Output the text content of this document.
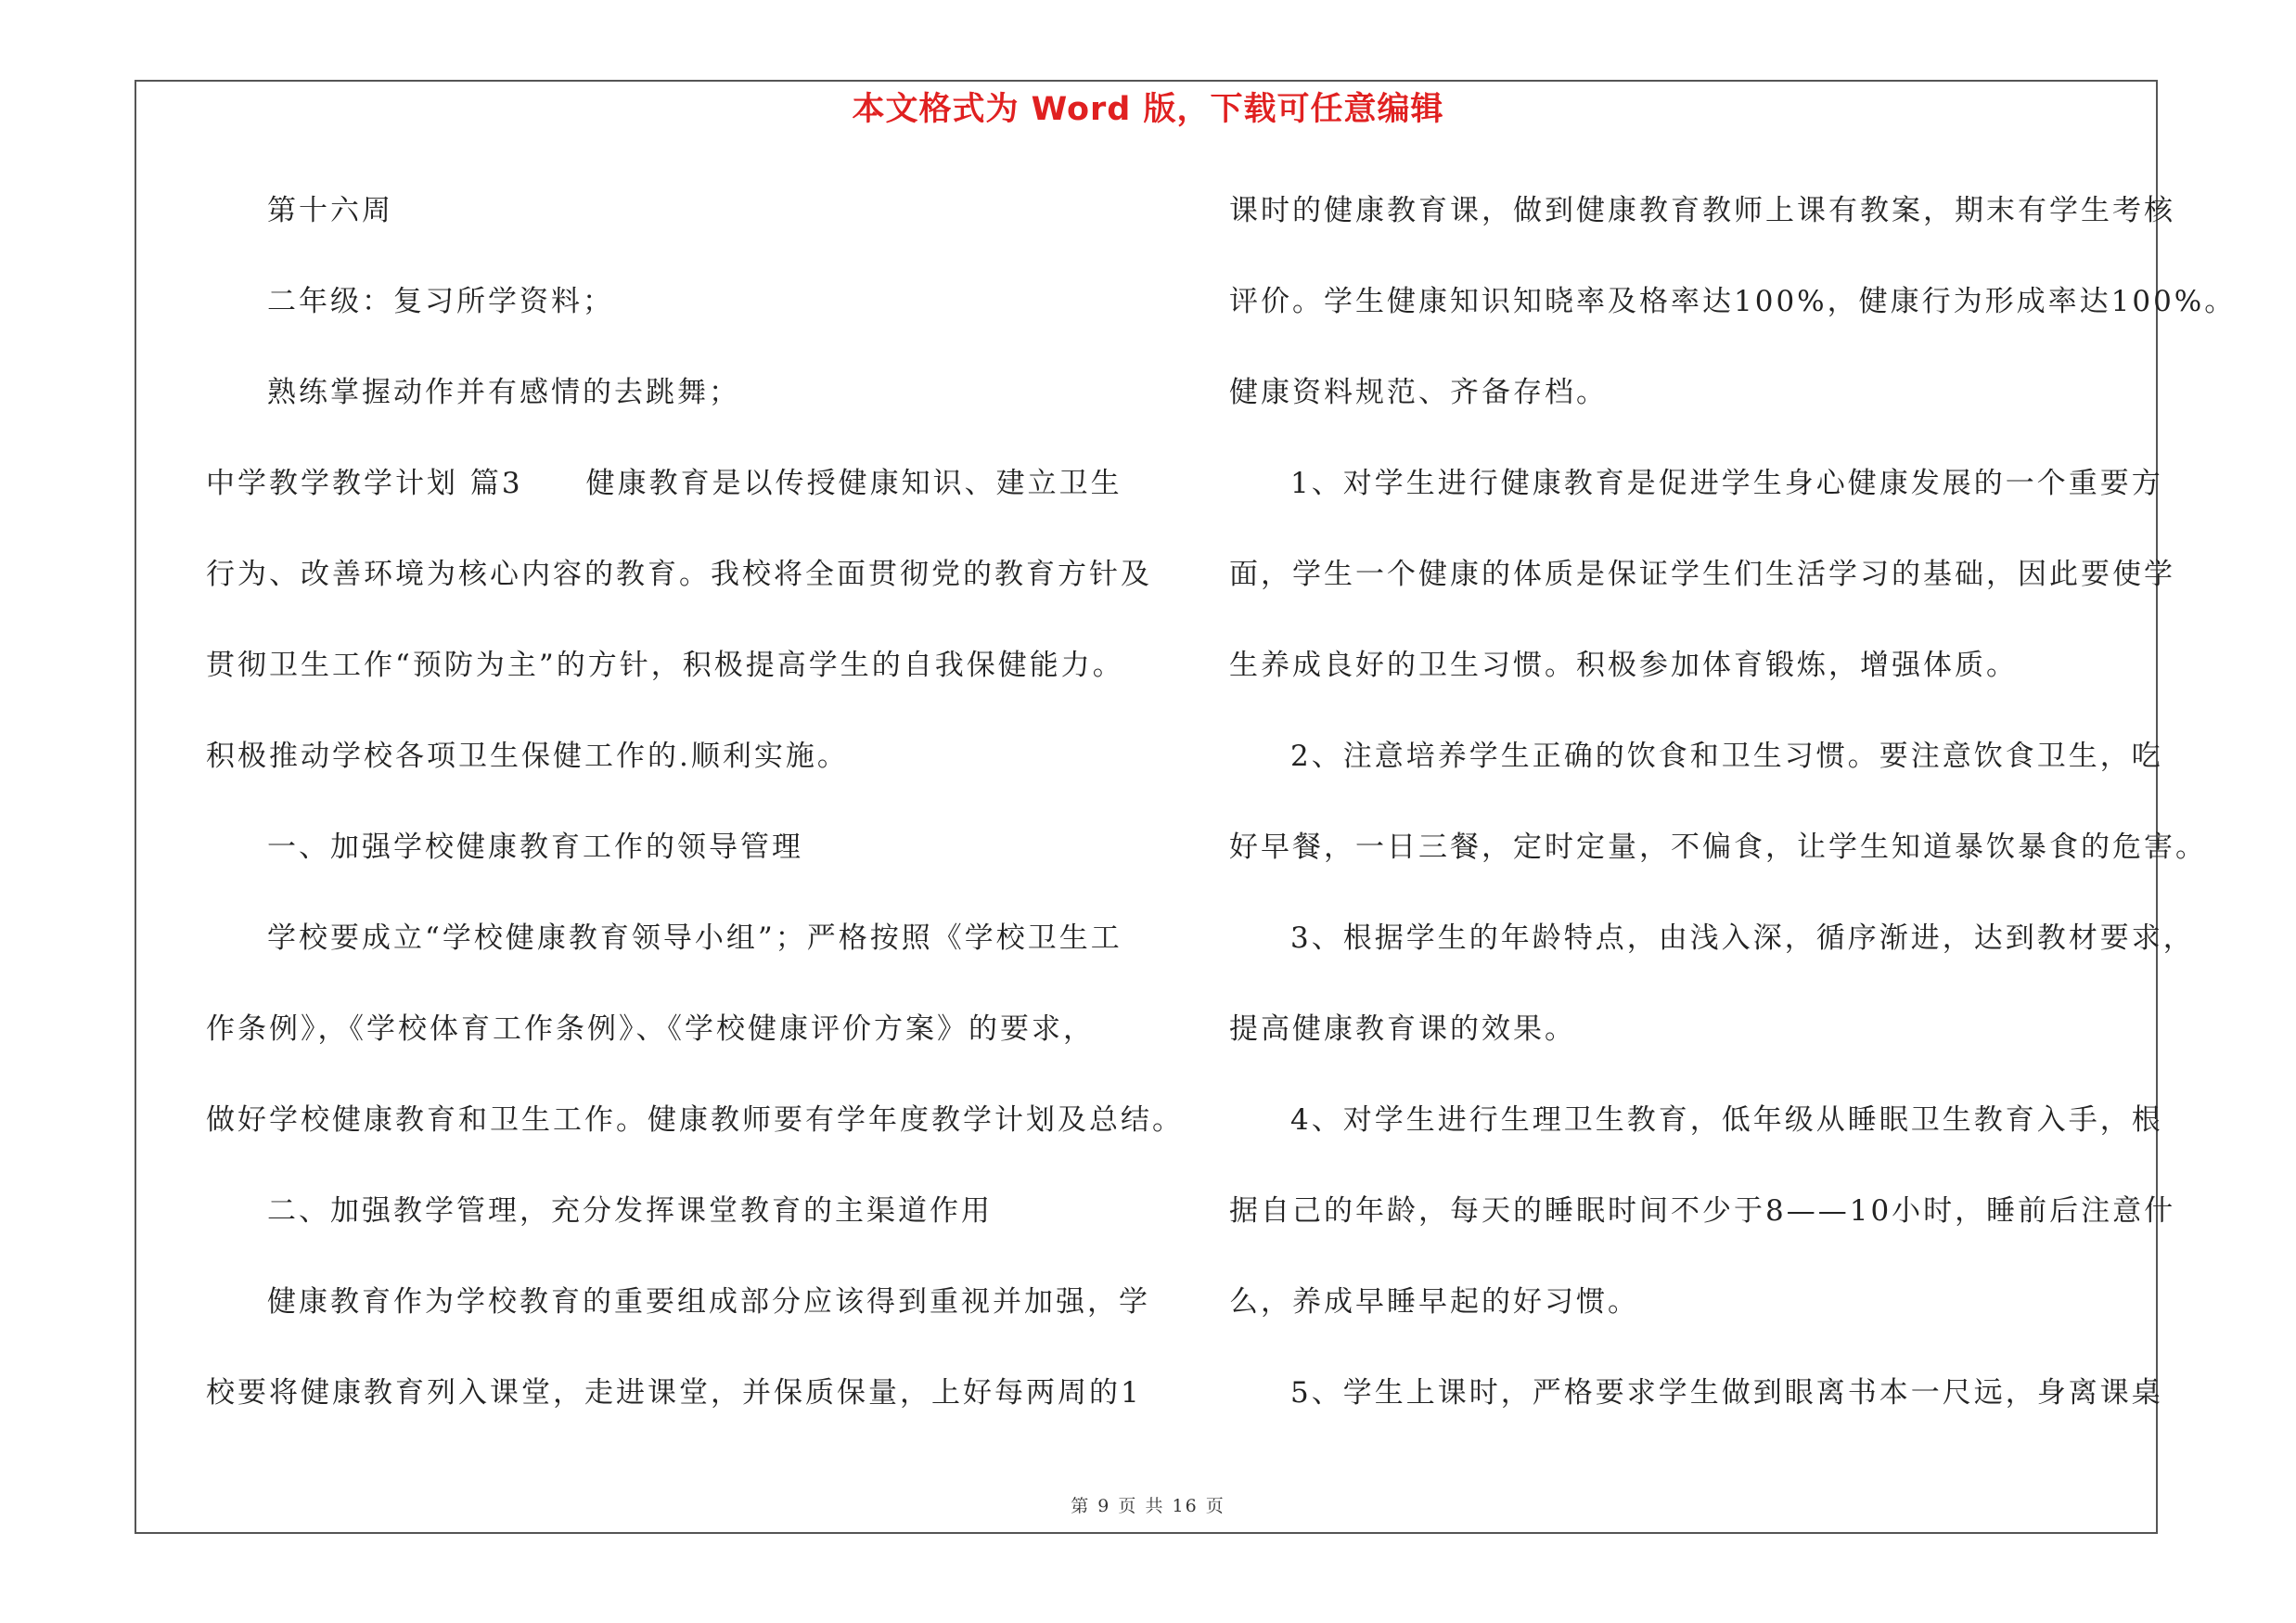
本文格式为 Word 版，下载可任意编辑
第十六周
二年级：复习所学资料；
熟练掌握动作并有感情的去跳舞；
中学教学教学计划 篇3　　健康教育是以传授健康知识、建立卫生
行为、改善环境为核心内容的教育。我校将全面贯彻党的教育方针及
贯彻卫生工作“预防为主”的方针，积极提高学生的自我保健能力。
积极推动学校各项卫生保健工作的.顺利实施。
一、加强学校健康教育工作的领导管理
学校要成立“学校健康教育领导小组”；严格按照《学校卫生工
作条例》，《学校体育工作条例》、《学校健康评价方案》的要求，
做好学校健康教育和卫生工作。健康教师要有学年度教学计划及总结。
二、加强教学管理，充分发挥课堂教育的主渠道作用
健康教育作为学校教育的重要组成部分应该得到重视并加强，学
校要将健康教育列入课堂，走进课堂，并保质保量，上好每两周的1
课时的健康教育课，做到健康教育教师上课有教案，期末有学生考核
评价。学生健康知识知晓率及格率达100%，健康行为形成率达100%。
健康资料规范、齐备存档。
1、对学生进行健康教育是促进学生身心健康发展的一个重要方
面，学生一个健康的体质是保证学生们生活学习的基础，因此要使学
生养成良好的卫生习惯。积极参加体育锻炼，增强体质。
2、注意培养学生正确的饮食和卫生习惯。要注意饮食卫生，吃
好早餐，一日三餐，定时定量，不偏食，让学生知道暴饮暴食的危害。
3、根据学生的年龄特点，由浅入深，循序渐进，达到教材要求，
提高健康教育课的效果。
4、对学生进行生理卫生教育，低年级从睡眠卫生教育入手，根
据自己的年龄，每天的睡眠时间不少于8——10小时，睡前后注意什
么，养成早睡早起的好习惯。
5、学生上课时，严格要求学生做到眼离书本一尺远，身离课桌
第 9 页 共 16 页
